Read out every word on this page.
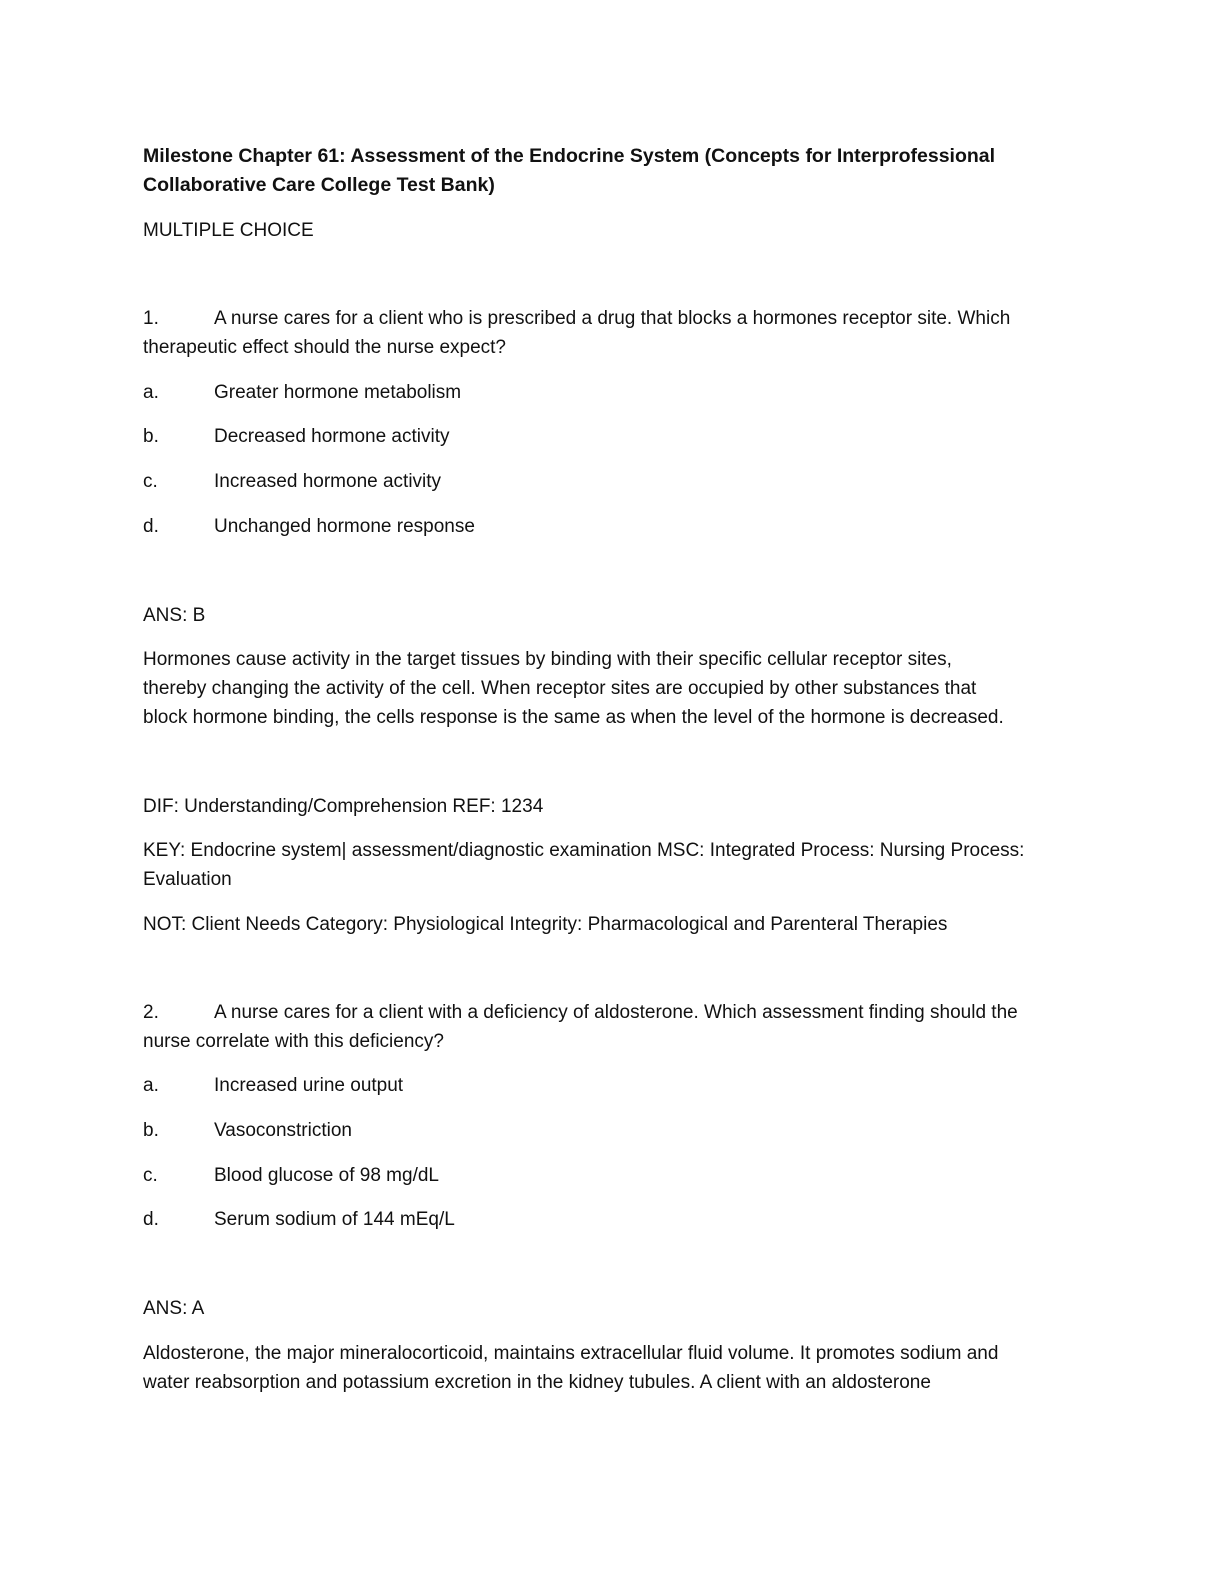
Milestone Chapter 61: Assessment of the Endocrine System (Concepts for Interprofessional
Collaborative Care College Test Bank)
MULTIPLE CHOICE
1.	A nurse cares for a client who is prescribed a drug that blocks a hormones receptor site. Which
therapeutic effect should the nurse expect?
a.	Greater hormone metabolism
b.	Decreased hormone activity
c.	Increased hormone activity
d.	Unchanged hormone response
ANS: B
Hormones cause activity in the target tissues by binding with their specific cellular receptor sites,
thereby changing the activity of the cell. When receptor sites are occupied by other substances that
block hormone binding, the cells response is the same as when the level of the hormone is decreased.
DIF: Understanding/Comprehension REF: 1234
KEY: Endocrine system| assessment/diagnostic examination MSC: Integrated Process: Nursing Process:
Evaluation
NOT: Client Needs Category: Physiological Integrity: Pharmacological and Parenteral Therapies
2.	A nurse cares for a client with a deficiency of aldosterone. Which assessment finding should the
nurse correlate with this deficiency?
a.	Increased urine output
b.	Vasoconstriction
c.	Blood glucose of 98 mg/dL
d.	Serum sodium of 144 mEq/L
ANS: A
Aldosterone, the major mineralocorticoid, maintains extracellular fluid volume. It promotes sodium and
water reabsorption and potassium excretion in the kidney tubules. A client with an aldosterone
